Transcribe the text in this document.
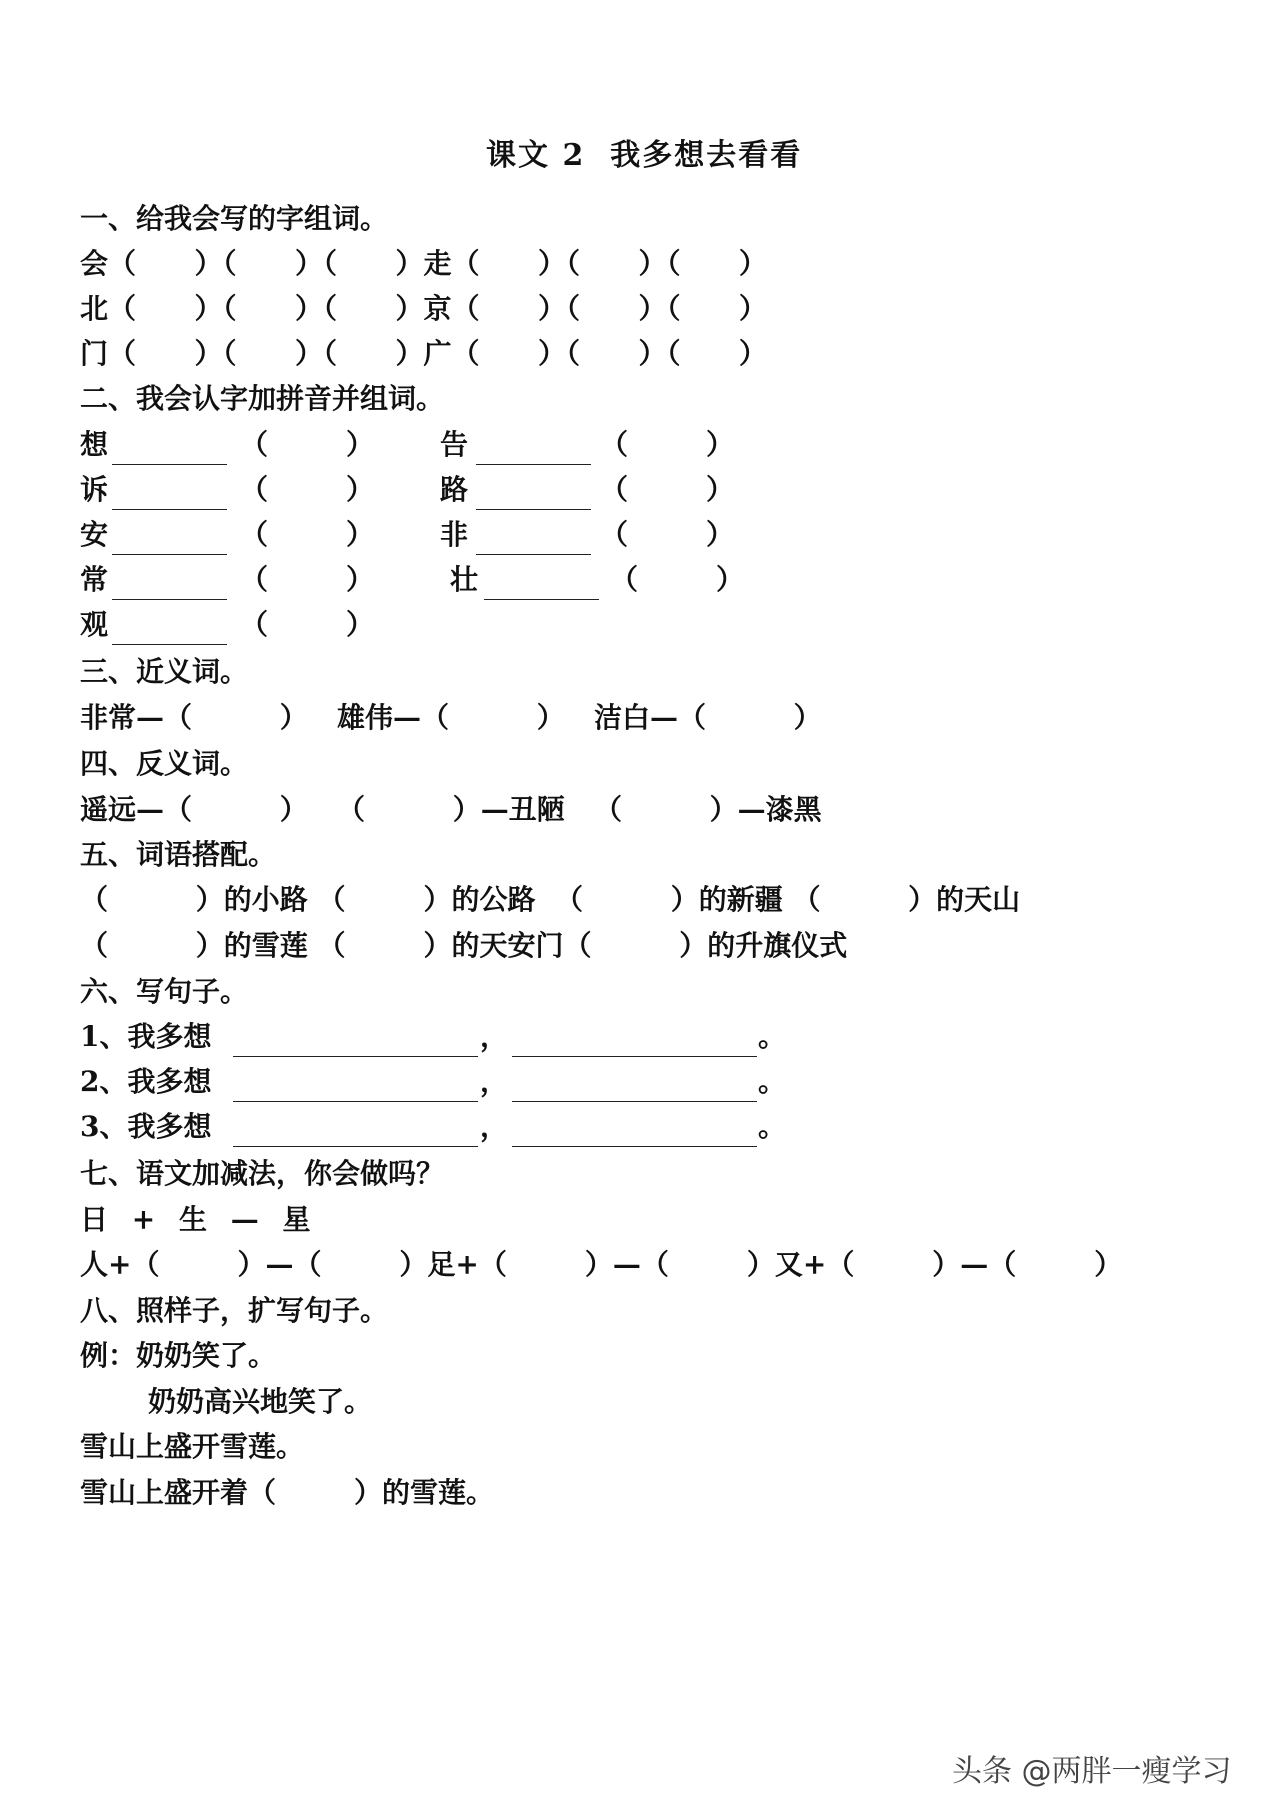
课文 2  我多想去看看
一、给我会写的字组词。
会（      ）（      ）（      ）走（      ）（      ）（      ）
北（      ）（      ）（      ）京（      ）（      ）（      ）
门（      ）（      ）（      ）广（      ）（      ）（      ）
二、我会认字加拼音并组词。
想	（        ） 告	（        ）
诉	（        ） 路	（        ）
安	（        ） 非	（        ）
常	（        ）	壮	（        ）
观	（        ）
三、近义词。
非常—（         ）   雄伟—（         ）   洁白—（         ）
四、反义词。
遥远—（         ）   （         ）—丑陋   （         ）—漆黑
五、词语搭配。
（         ）的小路 （        ）的公路  （         ）的新疆 （         ）的天山
（         ）的雪莲 （        ）的天安门（         ）的升旗仪式
六、写句子。
1、我多想	，	。
2、我多想	，	。
3、我多想	，	。
七、语文加减法，你会做吗？
日 + 生 — 星
人+（        ）—（        ）足+（        ）—（        ）又+（        ）—（        ）
八、照样子，扩写句子。
例：奶奶笑了。
奶奶高兴地笑了。
雪山上盛开雪莲。
雪山上盛开着（        ）的雪莲。
头条 @两胖一瘦学习
